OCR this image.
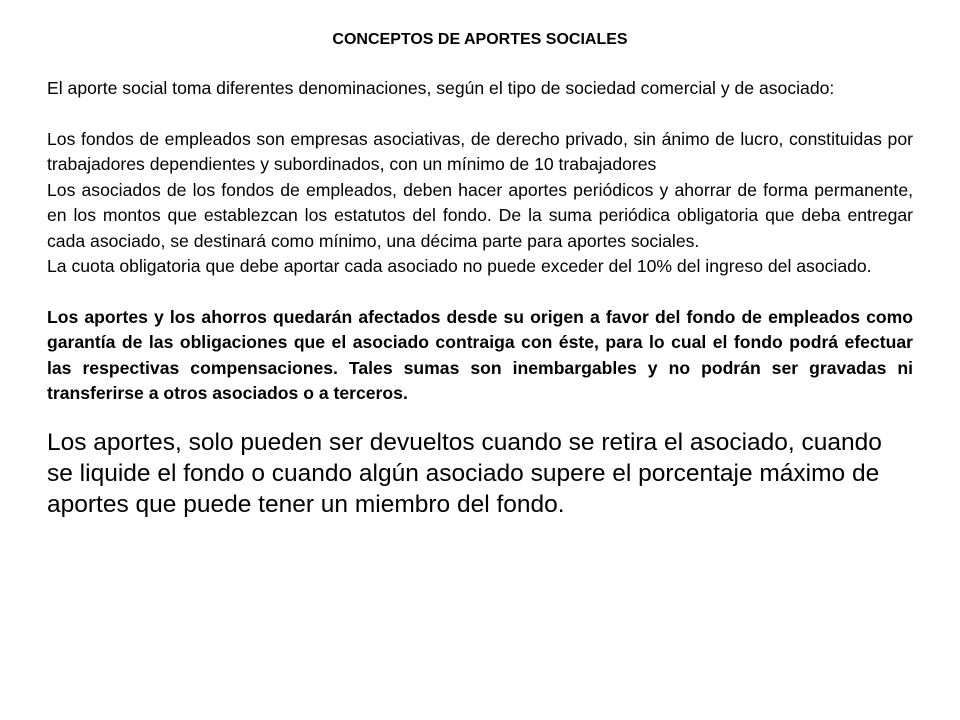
CONCEPTOS DE APORTES SOCIALES

El aporte social toma diferentes denominaciones, según el tipo de sociedad comercial y de asociado:

Los fondos de empleados son empresas asociativas, de derecho privado, sin ánimo de lucro, constituidas por trabajadores dependientes y subordinados, con un mínimo de 10 trabajadores

Los asociados de los fondos de empleados, deben hacer aportes periódicos y ahorrar de forma permanente, en los montos que establezcan los estatutos del fondo. De la suma periódica obligatoria que deba entregar cada asociado, se destinará como mínimo, una décima parte para aportes sociales.

La cuota obligatoria que debe aportar cada asociado no puede exceder del 10% del ingreso del asociado.

Los aportes y los ahorros quedarán afectados desde su origen a favor del fondo de empleados como garantía de las obligaciones que el asociado contraiga con éste, para lo cual el fondo podrá efectuar las respectivas compensaciones. Tales sumas son inembargables y no podrán ser gravadas ni transferirse a otros asociados o a terceros.

Los aportes, solo pueden ser devueltos cuando se retira el asociado, cuando se liquide el fondo o cuando algún asociado supere el porcentaje máximo de aportes que puede tener un miembro del fondo.
